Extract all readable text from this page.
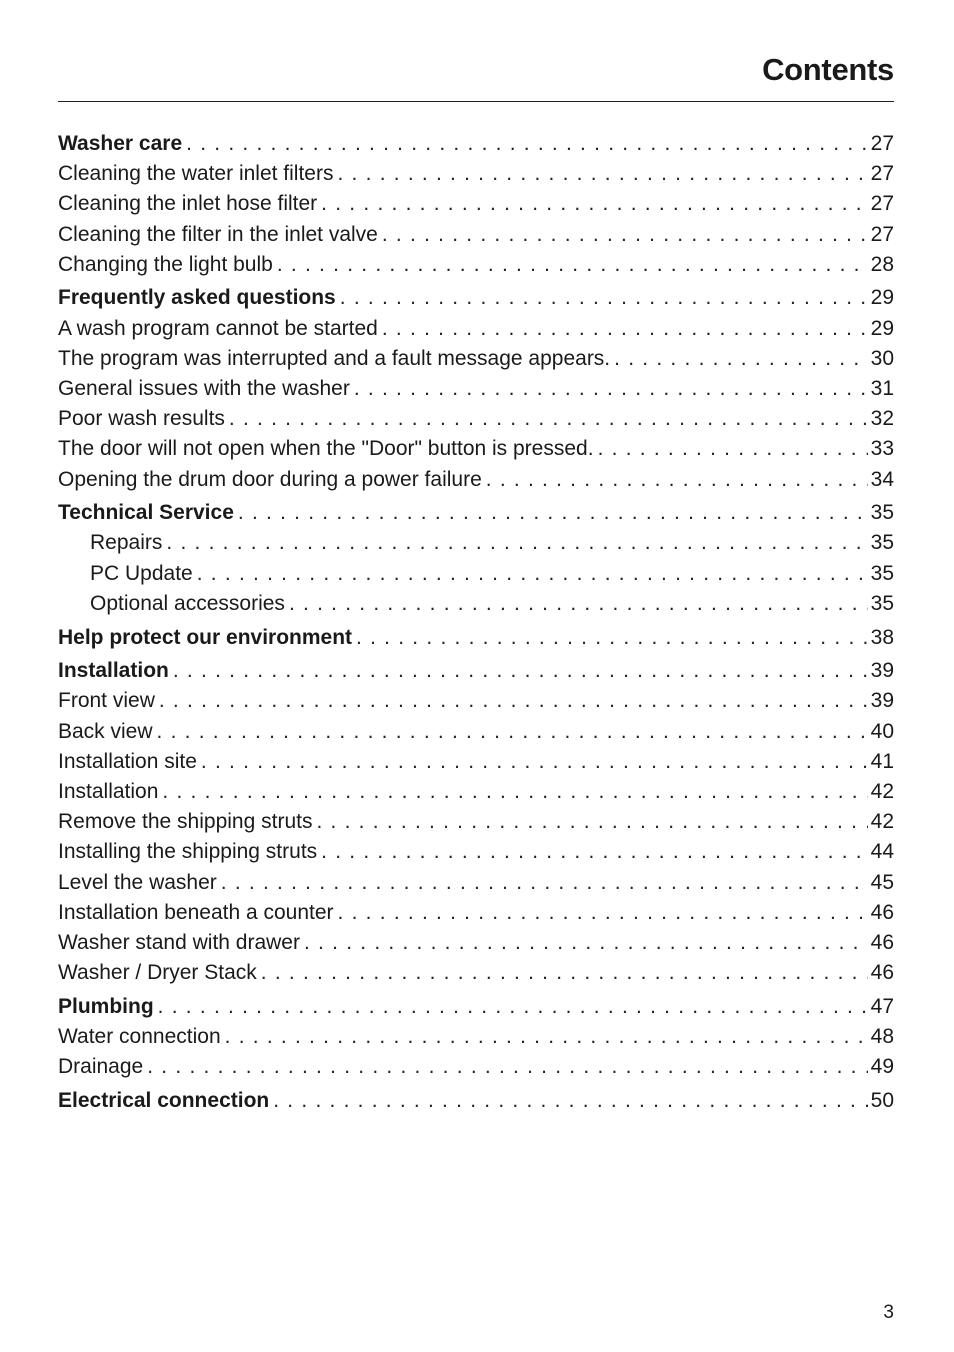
Contents
Washer care . . .	27
Cleaning the water inlet filters . . .	27
Cleaning the inlet hose filter . . .	27
Cleaning the filter in the inlet valve . . .	27
Changing the light bulb . . .	28
Frequently asked questions . . .	29
A wash program cannot be started . . .	29
The program was interrupted and a fault message appears. . . .	30
General issues with the washer . . .	31
Poor wash results . . .	32
The door will not open when the "Door" button is pressed. . . .	33
Opening the drum door during a power failure . . .	34
Technical Service . . .	35
Repairs . . .	35
PC Update . . .	35
Optional accessories . . .	35
Help protect our environment . . .	38
Installation . . .	39
Front view . . .	39
Back view . . .	40
Installation site . . .	41
Installation . . .	42
Remove the shipping struts . . .	42
Installing the shipping struts . . .	44
Level the washer . . .	45
Installation beneath a counter . . .	46
Washer stand with drawer . . .	46
Washer / Dryer Stack . . .	46
Plumbing . . .	47
Water connection . . .	48
Drainage . . .	49
Electrical connection . . .	50
3
